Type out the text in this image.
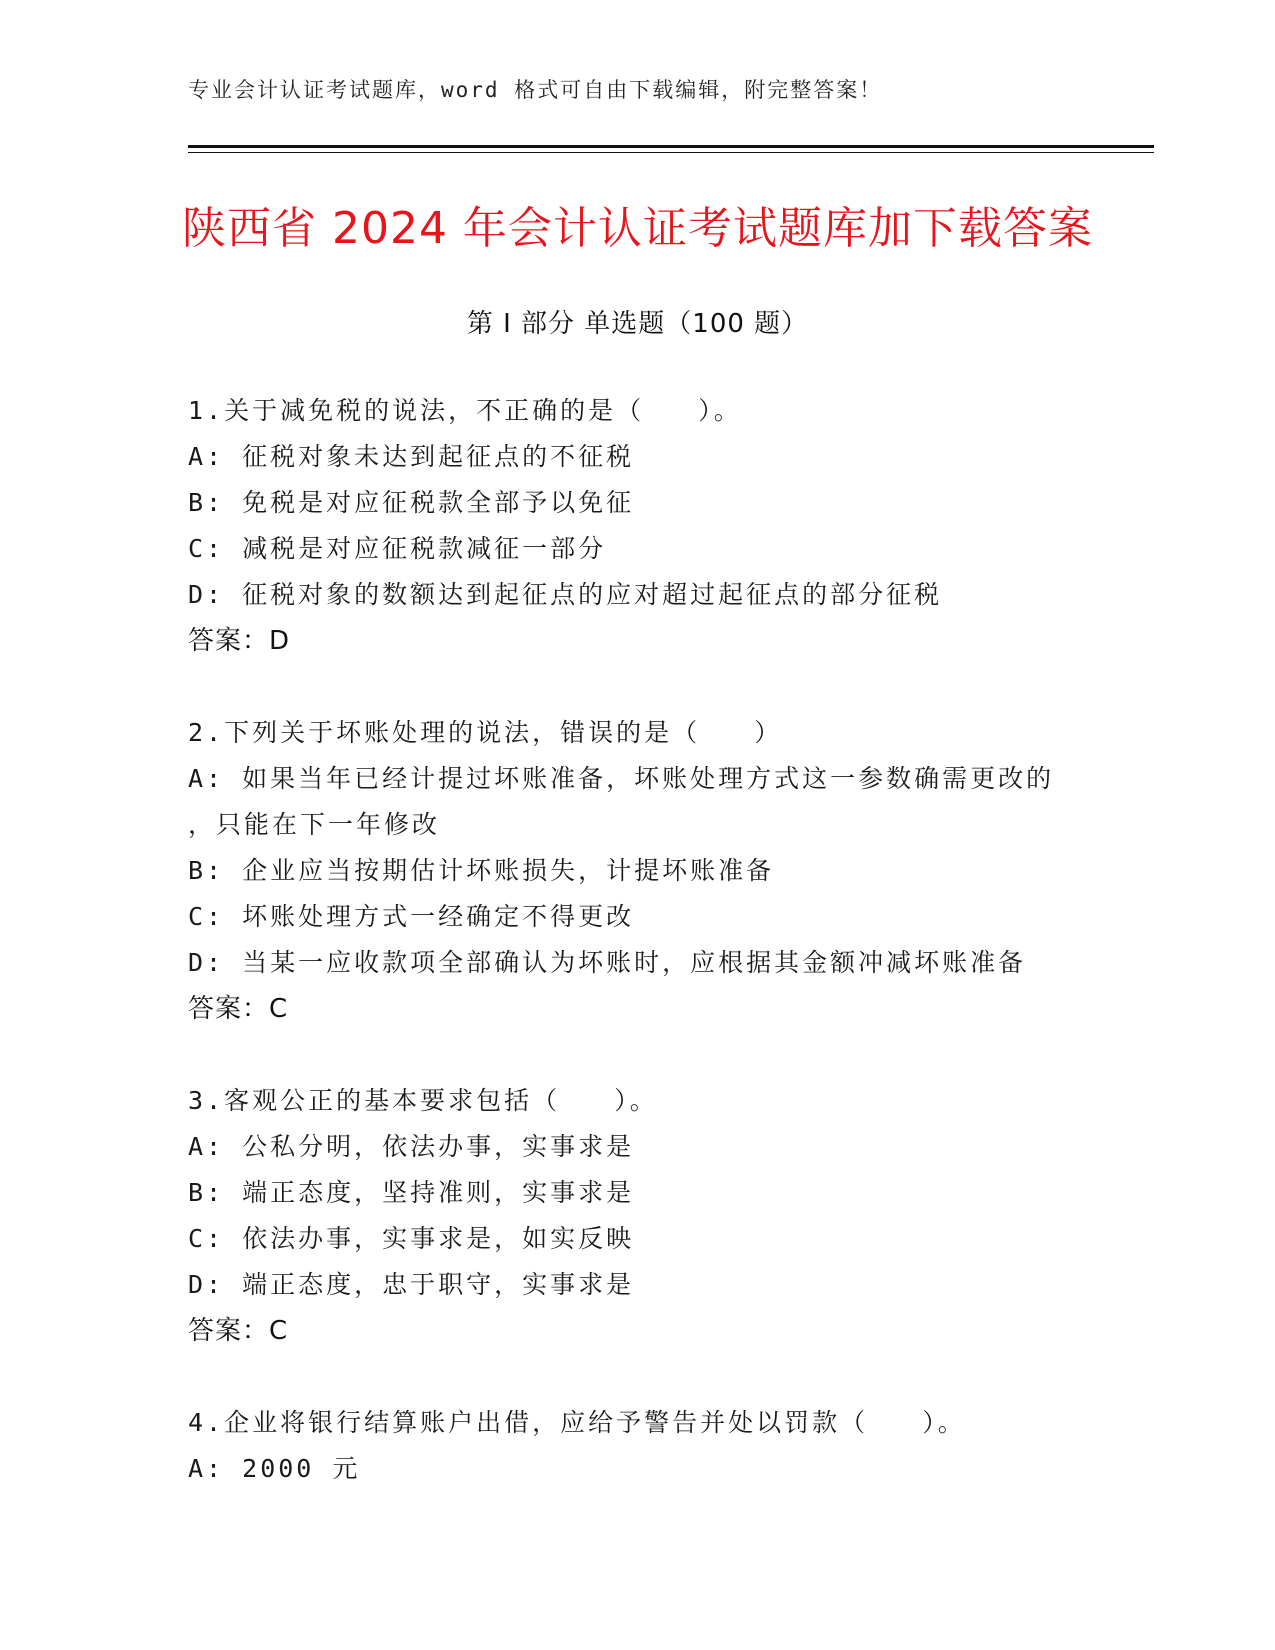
专业会计认证考试题库，word 格式可自由下载编辑，附完整答案！
陕西省 2024 年会计认证考试题库加下载答案
第 I 部分 单选题（100 题）
1.关于减免税的说法，不正确的是（   ）。
A: 征税对象未达到起征点的不征税
B: 免税是对应征税款全部予以免征
C: 减税是对应征税款减征一部分
D: 征税对象的数额达到起征点的应对超过起征点的部分征税
答案：D
2.下列关于坏账处理的说法，错误的是（   ）
A: 如果当年已经计提过坏账准备，坏账处理方式这一参数确需更改的
，只能在下一年修改
B: 企业应当按期估计坏账损失，计提坏账准备
C: 坏账处理方式一经确定不得更改
D: 当某一应收款项全部确认为坏账时，应根据其金额冲减坏账准备
答案：C
3.客观公正的基本要求包括（   ）。
A: 公私分明，依法办事，实事求是
B: 端正态度，坚持准则，实事求是
C: 依法办事，实事求是，如实反映
D: 端正态度，忠于职守，实事求是
答案：C
4.企业将银行结算账户出借，应给予警告并处以罚款（   ）。
A: 2000 元
